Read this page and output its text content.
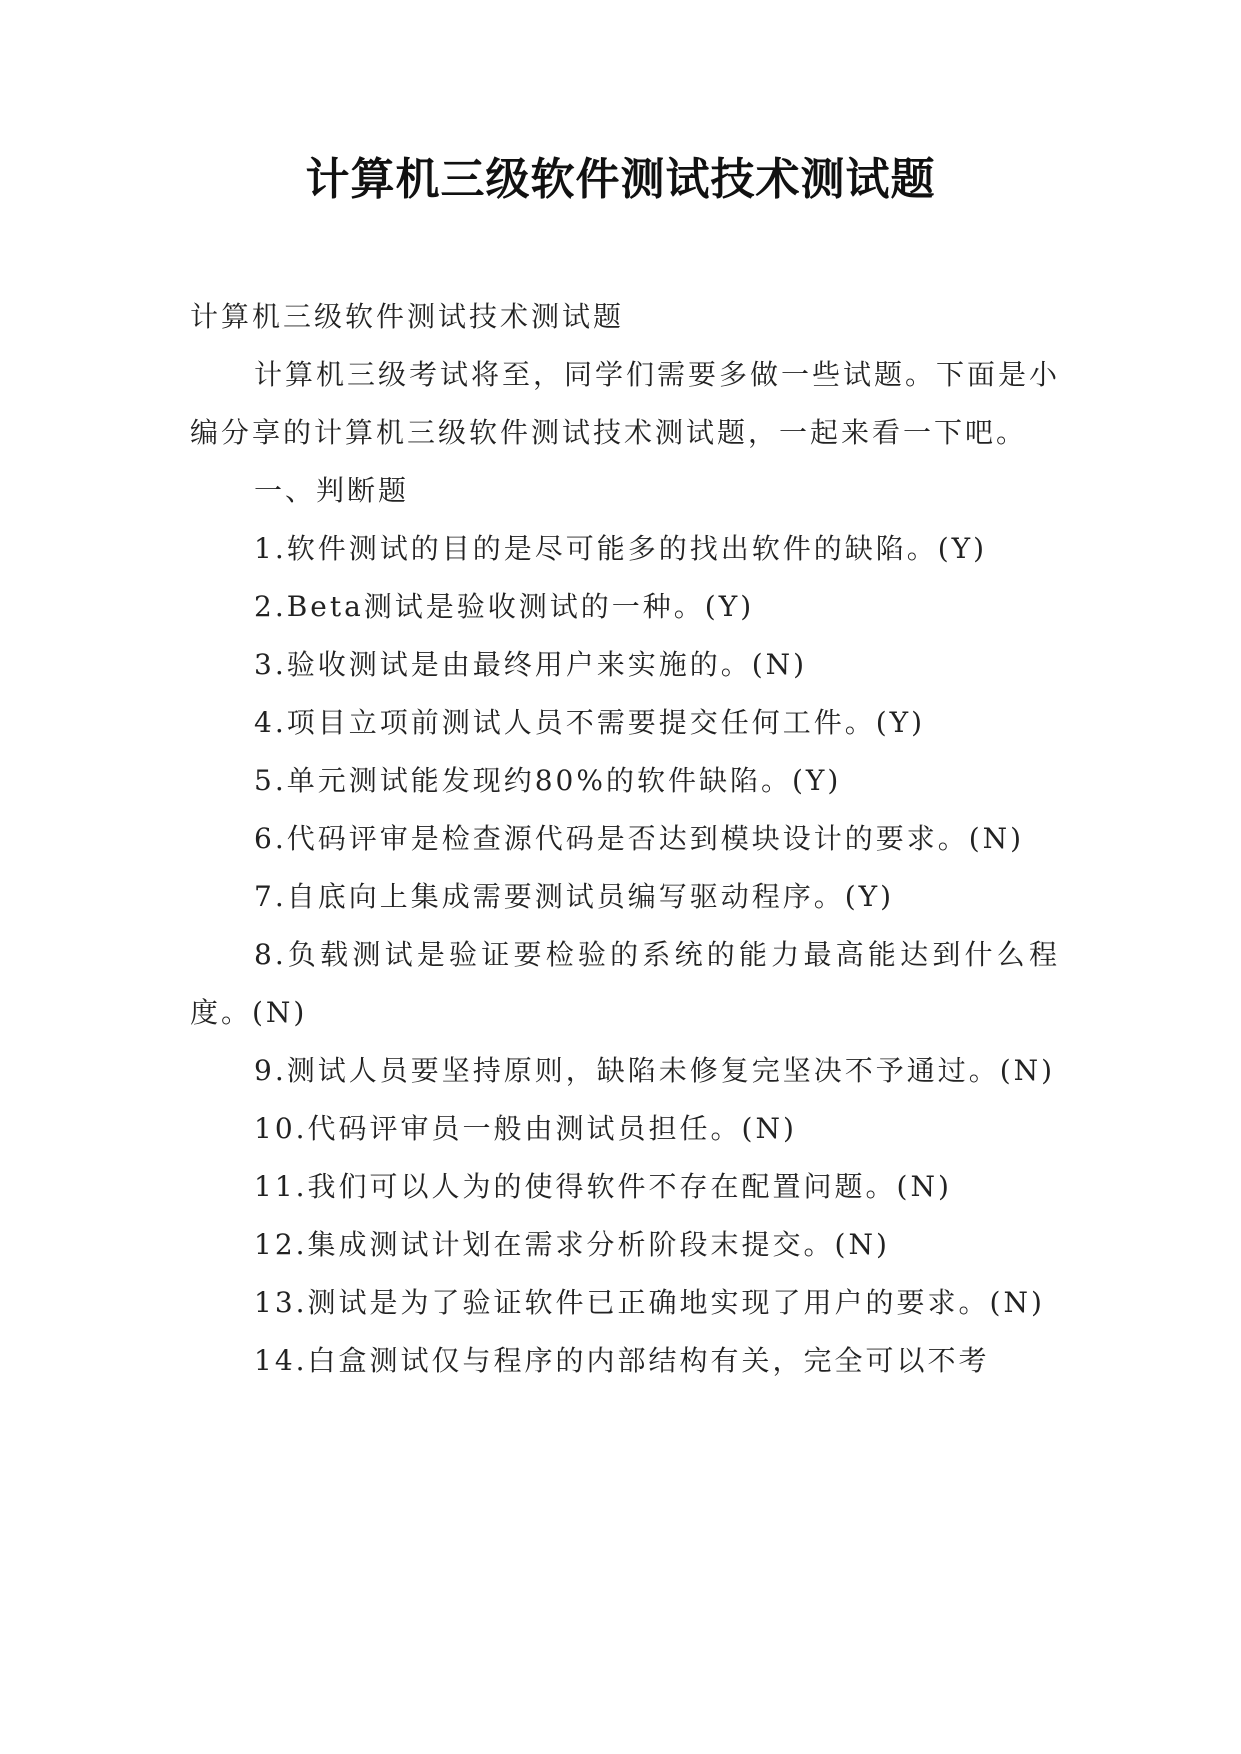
计算机三级软件测试技术测试题

计算机三级软件测试技术测试题

计算机三级考试将至，同学们需要多做一些试题。下面是小编分享的计算机三级软件测试技术测试题，一起来看一下吧。

一、判断题

1.软件测试的目的是尽可能多的找出软件的缺陷。(Y)

2.Beta测试是验收测试的一种。(Y)

3.验收测试是由最终用户来实施的。(N)

4.项目立项前测试人员不需要提交任何工件。(Y)

5.单元测试能发现约80%的软件缺陷。(Y)

6.代码评审是检查源代码是否达到模块设计的要求。(N)

7.自底向上集成需要测试员编写驱动程序。(Y)

8.负载测试是验证要检验的系统的能力最高能达到什么程度。(N)

9.测试人员要坚持原则，缺陷未修复完坚决不予通过。(N)

10.代码评审员一般由测试员担任。(N)

11.我们可以人为的使得软件不存在配置问题。(N)

12.集成测试计划在需求分析阶段末提交。(N)

13.测试是为了验证软件已正确地实现了用户的要求。(N)

14.白盒测试仅与程序的内部结构有关，完全可以不考
